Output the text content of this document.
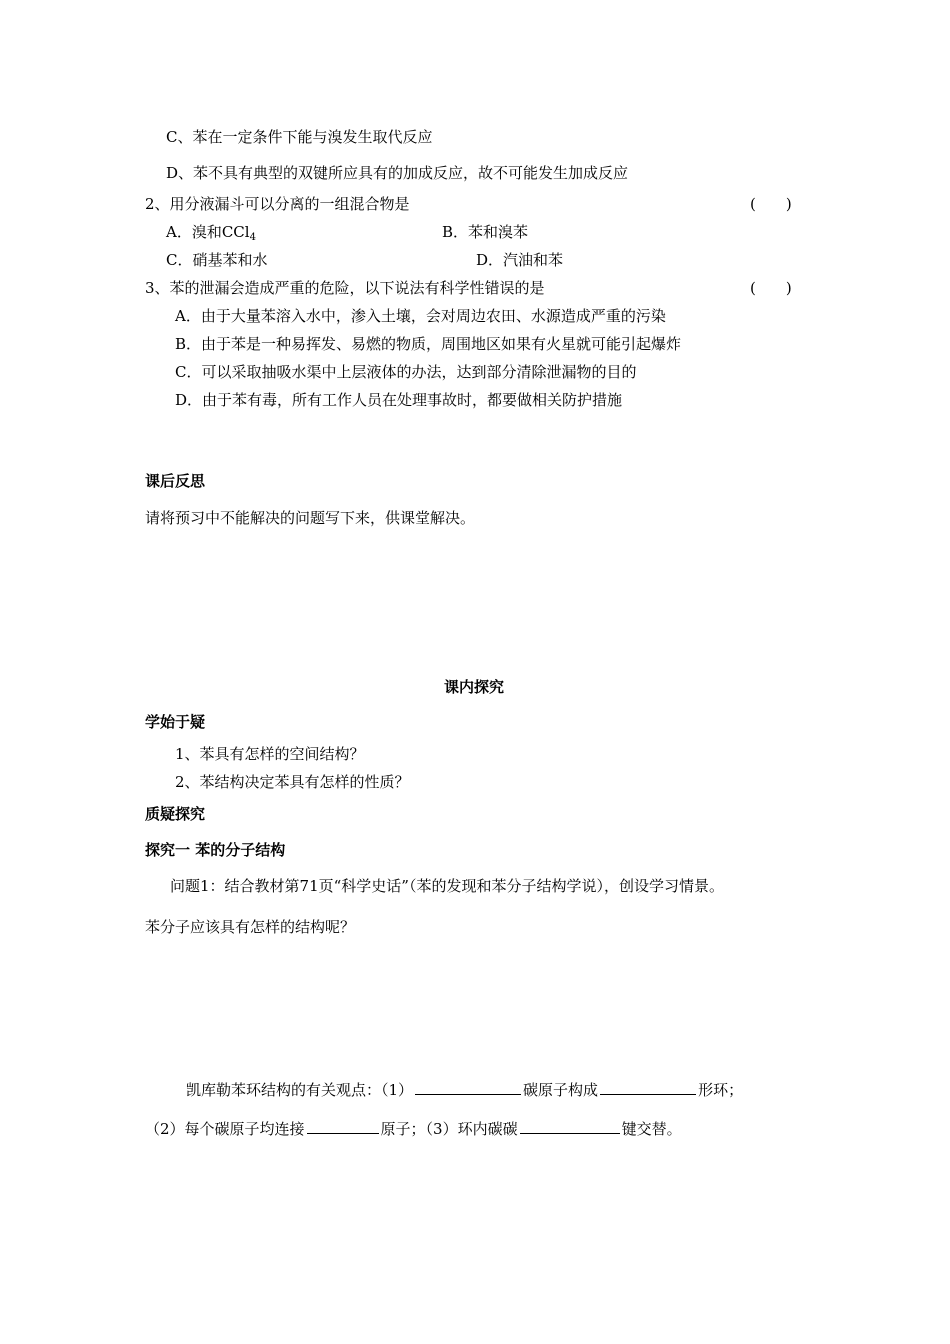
C、苯在一定条件下能与溴发生取代反应
D、苯不具有典型的双键所应具有的加成反应，故不可能发生加成反应
2、用分液漏斗可以分离的一组混合物是	(　　)
A．溴和CCl$_4$	B．苯和溴苯
C．硝基苯和水	D．汽油和苯
3、苯的泄漏会造成严重的危险，以下说法有科学性错误的是	(　　)
A．由于大量苯溶入水中，渗入土壤，会对周边农田、水源造成严重的污染
B．由于苯是一种易挥发、易燃的物质，周围地区如果有火星就可能引起爆炸
C．可以采取抽吸水渠中上层液体的办法，达到部分清除泄漏物的目的
D．由于苯有毒，所有工作人员在处理事故时，都要做相关防护措施
课后反思
请将预习中不能解决的问题写下来，供课堂解决。
课内探究
学始于疑
1、苯具有怎样的空间结构？
2、苯结构决定苯具有怎样的性质？
质疑探究
探究一 苯的分子结构
问题1：结合教材第71页“科学史话”（苯的发现和苯分子结构学说），创设学习情景。
苯分子应该具有怎样的结构呢？
凯库勒苯环结构的有关观点：（1）	碳原子构成	形环；
（2）每个碳原子均连接	原子；（3）环内碳碳	键交替。
